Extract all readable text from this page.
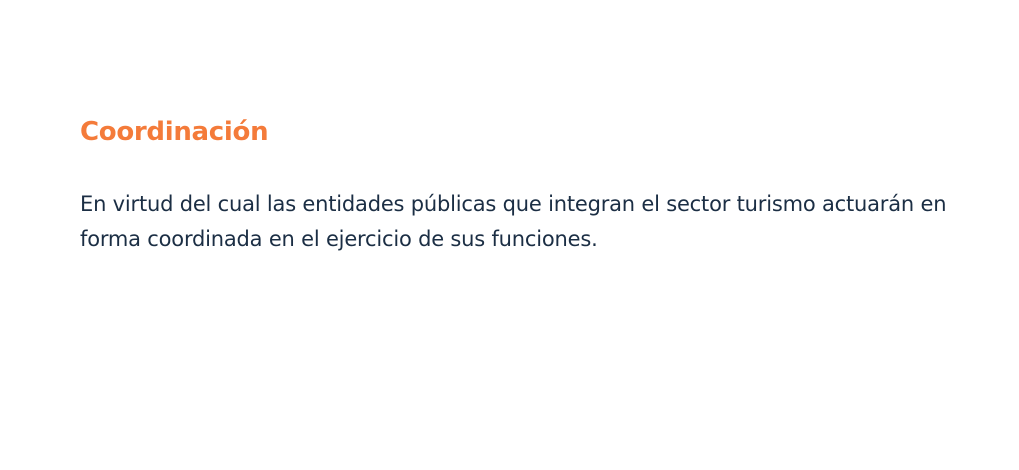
Coordinación

En virtud del cual las entidades públicas que integran el sector turismo actuarán en forma coordinada en el ejercicio de sus funciones.
